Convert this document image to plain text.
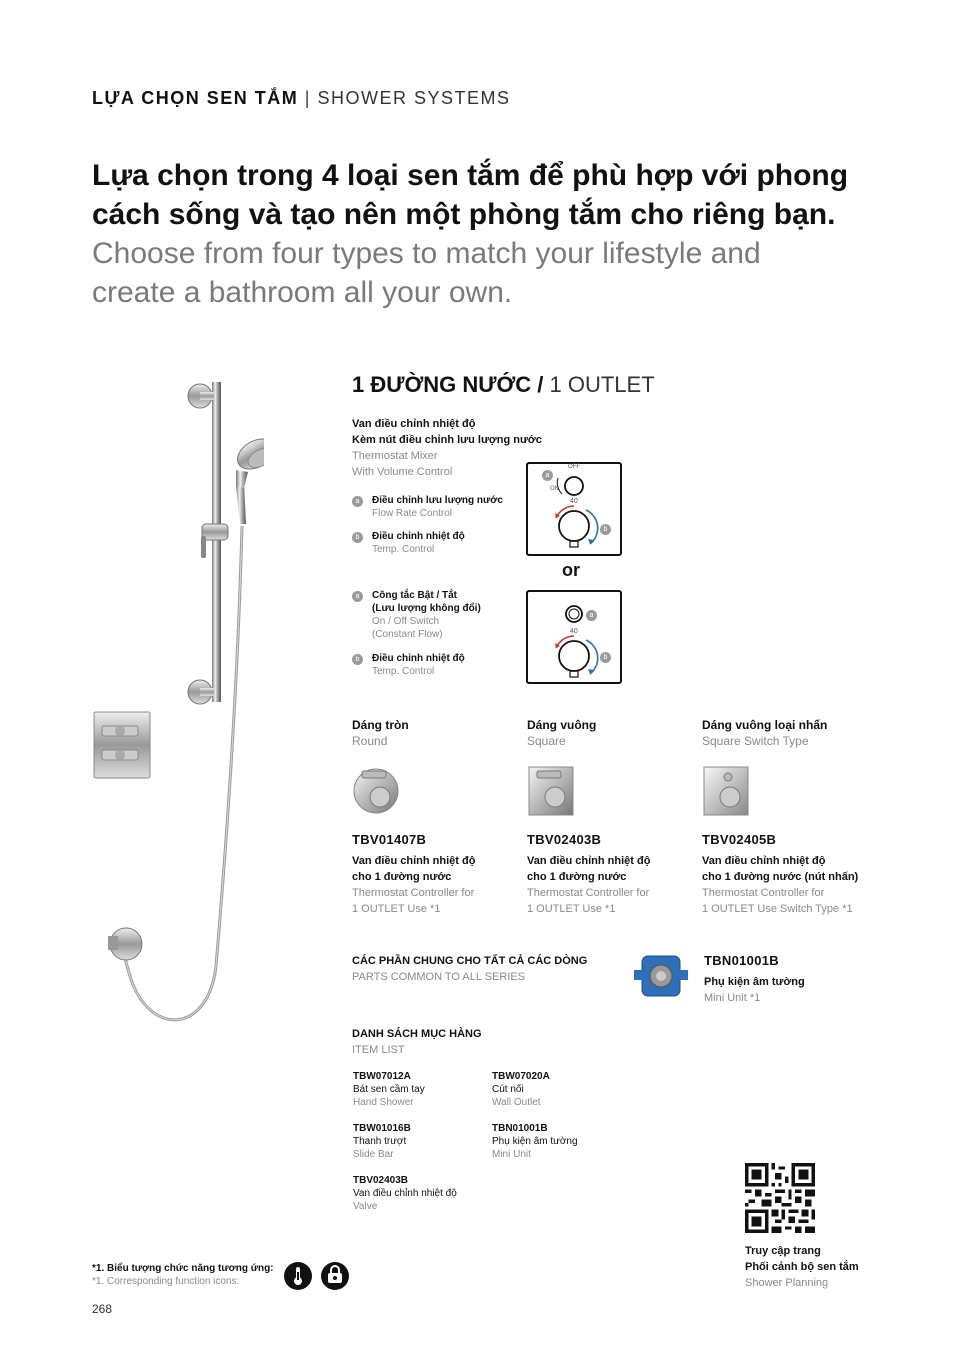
LỰA CHỌN SEN TẮM | SHOWER SYSTEMS
Lựa chọn trong 4 loại sen tắm để phù hợp với phong
cách sống và tạo nên một phòng tắm cho riêng bạn.
Choose from four types to match your lifestyle and
create a bathroom all your own.
1 ĐƯỜNG NƯỚC / 1 OUTLET
Van điều chỉnh nhiệt độ
Kèm nút điều chỉnh lưu lượng nước
Thermostat Mixer
With Volume Control
a	Điều chỉnh lưu lượng nước
Flow Rate Control
b	Điều chỉnh nhiệt độ
Temp. Control
a
OFF
ON
40
b
or
a	Công tắc Bật / Tắt
(Lưu lượng không đổi)
On / Off Switch
(Constant Flow)
b	Điều chỉnh nhiệt độ
Temp. Control
a
40
b
Dáng tròn
Round
TBV01407B
Van điều chỉnh nhiệt độ
cho 1 đường nước
Thermostat Controller for
1 OUTLET Use *1
Dáng vuông
Square
TBV02403B
Van điều chỉnh nhiệt độ
cho 1 đường nước
Thermostat Controller for
1 OUTLET Use *1
Dáng vuông loại nhấn
Square Switch Type
TBV02405B
Van điều chỉnh nhiệt độ
cho 1 đường nước (nút nhấn)
Thermostat Controller for
1 OUTLET Use Switch Type *1
CÁC PHẦN CHUNG CHO TẤT CẢ CÁC DÒNG
PARTS COMMON TO ALL SERIES
TBN01001B
Phụ kiện âm tường
Mini Unit *1
DANH SÁCH MỤC HÀNG
ITEM LIST
TBW07012A
Bát sen cầm tay
Hand Shower
TBW07020A
Cút nối
Wall Outlet
TBW01016B
Thanh trượt
Slide Bar
TBN01001B
Phụ kiện âm tường
Mini Unit
TBV02403B
Van điều chỉnh nhiệt độ
Valve
Truy cập trang
Phối cảnh bộ sen tắm
Shower Planning
*1. Biểu tượng chức năng tương ứng:
*1. Corresponding function icons:
268
